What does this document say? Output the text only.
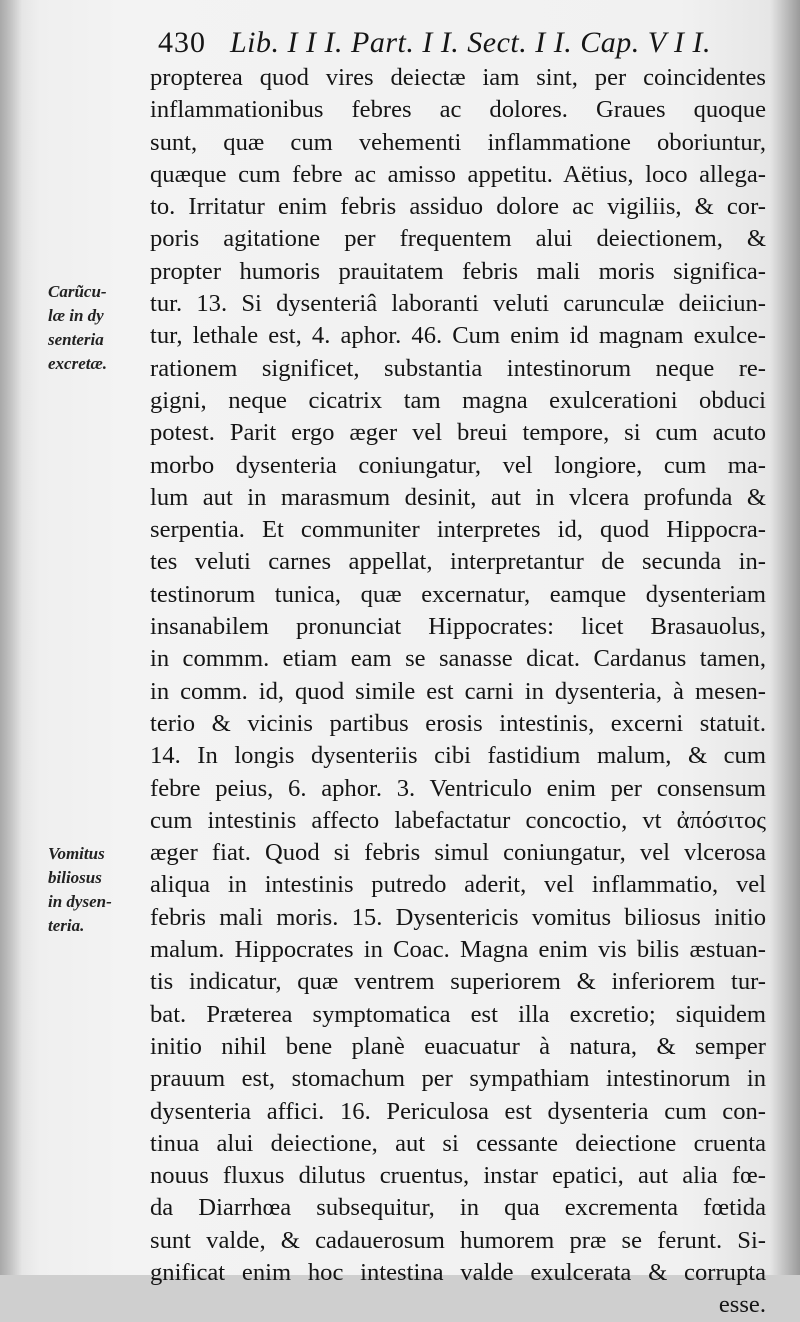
430 Lib. I I I. Part. I I. Sect. I I. Cap. V I I.
propterea quod vires deiectæ iam sint, per coincidentes
inflammationibus febres ac dolores. Graues quoque
sunt, quæ cum vehementi inflammatione oboriuntur,
quæque cum febre ac amisso appetitu. Aëtius, loco allega-
to. Irritatur enim febris assiduo dolore ac vigiliis, & cor-
poris agitatione per frequentem alui deiectionem, &
propter humoris prauitatem febris mali moris significa-
tur. 13. Si dysenteriâ laboranti veluti carunculæ deiiciun-
tur, lethale est, 4. aphor. 46. Cum enim id magnam exulce-
rationem significet, substantia intestinorum neque re-
gigni, neque cicatrix tam magna exulcerationi obduci
potest. Parit ergo æger vel breui tempore, si cum acuto
morbo dysenteria coniungatur, vel longiore, cum ma-
lum aut in marasmum desinit, aut in vlcera profunda &
serpentia. Et communiter interpretes id, quod Hippocra-
tes veluti carnes appellat, interpretantur de secunda in-
testinorum tunica, quæ excernatur, eamque dysenteriam
insanabilem pronunciat Hippocrates: licet Brasauolus,
in commm. etiam eam se sanasse dicat. Cardanus tamen,
in comm. id, quod simile est carni in dysenteria, à mesen-
terio & vicinis partibus erosis intestinis, excerni statuit.
14. In longis dysenteriis cibi fastidium malum, & cum
febre peius, 6. aphor. 3. Ventriculo enim per consensum
cum intestinis affecto labefactatur concoctio, vt ἀπόσιτος
æger fiat. Quod si febris simul coniungatur, vel vlcerosa
aliqua in intestinis putredo aderit, vel inflammatio, vel
febris mali moris. 15. Dysentericis vomitus biliosus initio
malum. Hippocrates in Coac. Magna enim vis bilis æstuan-
tis indicatur, quæ ventrem superiorem & inferiorem tur-
bat. Præterea symptomatica est illa excretio; siquidem
initio nihil bene planè euacuatur à natura, & semper
prauum est, stomachum per sympathiam intestinorum in
dysenteria affici. 16. Periculosa est dysenteria cum con-
tinua alui deiectione, aut si cessante deiectione cruenta
nouus fluxus dilutus cruentus, instar epatici, aut alia fœ-
da Diarrhœa subsequitur, in qua excrementa fœtida
sunt valde, & cadauerosum humorem præ se ferunt. Si-
gnificat enim hoc intestina valde exulcerata & corrupta
esse.
Carũcu-
læ in dy
senteria
excretæ.
Vomitus
biliosus
in dysen-
teria.
